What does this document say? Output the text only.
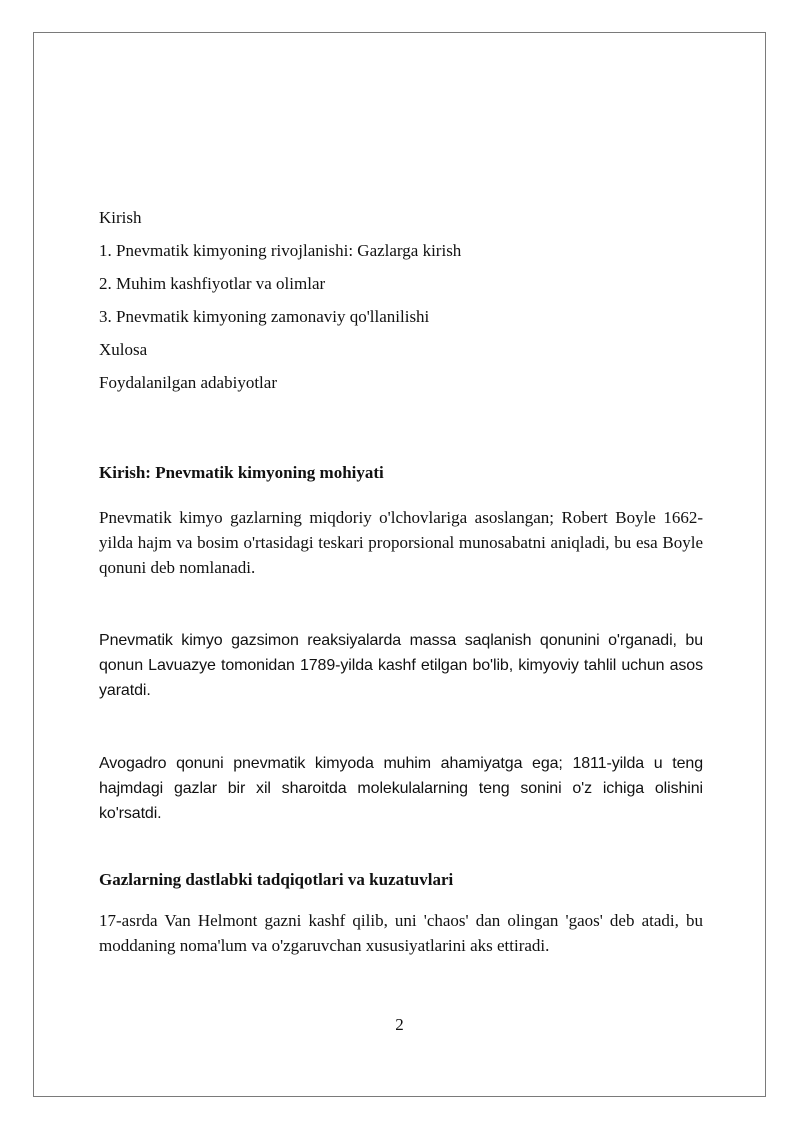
Kirish
1. Pnevmatik kimyoning rivojlanishi: Gazlarga kirish
2. Muhim kashfiyotlar va olimlar
3. Pnevmatik kimyoning zamonaviy qo'llanilishi
Xulosa
Foydalanilgan adabiyotlar
Kirish: Pnevmatik kimyoning mohiyati

Pnevmatik kimyo gazlarning miqdoriy o'lchovlariga asoslangan; Robert Boyle 1662-yilda hajm va bosim o'rtasidagi teskari proporsional munosabatni aniqladi, bu esa Boyle qonuni deb nomlanadi.

Pnevmatik kimyo gazsimon reaksiyalarda massa saqlanish qonunini o'rganadi, bu qonun Lavuazye tomonidan 1789-yilda kashf etilgan bo'lib, kimyoviy tahlil uchun asos yaratdi.

Avogadro qonuni pnevmatik kimyoda muhim ahamiyatga ega; 1811-yilda u teng hajmdagi gazlar bir xil sharoitda molekulalarning teng sonini o'z ichiga olishini ko'rsatdi.

Gazlarning dastlabki tadqiqotlari va kuzatuvlari

17-asrda Van Helmont gazni kashf qilib, uni 'chaos' dan olingan 'gaos' deb atadi, bu moddaning noma'lum va o'zgaruvchan xususiyatlarini aks ettiradi.

2
